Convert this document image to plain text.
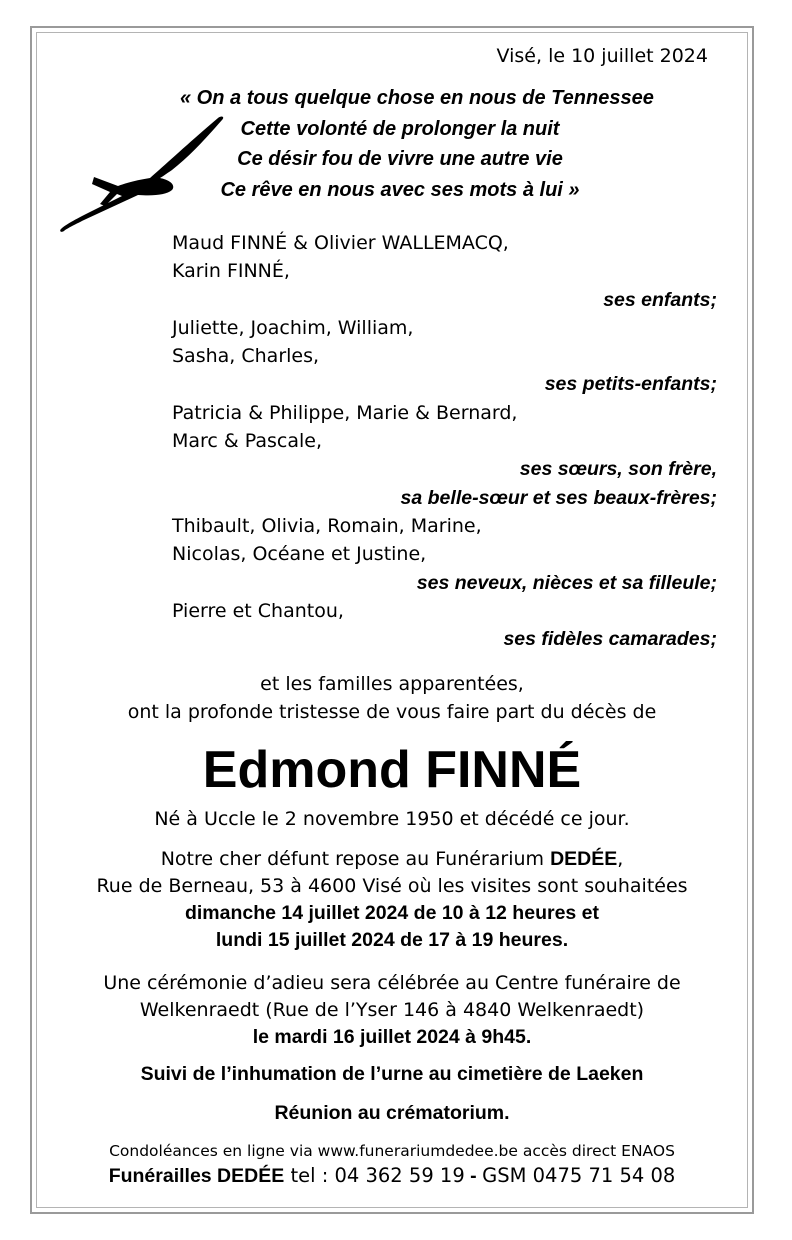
Visé, le 10 juillet 2024
« On a tous quelque chose en nous de Tennessee
Cette volonté de prolonger la nuit
Ce désir fou de vivre une autre vie
Ce rêve en nous avec ses mots à lui »
Maud FINNÉ & Olivier WALLEMACQ,
Karin FINNÉ,
ses enfants;
Juliette, Joachim, William,
Sasha, Charles,
ses petits-enfants;
Patricia & Philippe, Marie & Bernard,
Marc & Pascale,
ses sœurs, son frère,
sa belle-sœur et ses beaux-frères;
Thibault, Olivia, Romain, Marine,
Nicolas, Océane et Justine,
ses neveux, nièces et sa filleule;
Pierre et Chantou,
ses fidèles camarades;
et les familles apparentées,
ont la profonde tristesse de vous faire part du décès de
Edmond FINNÉ
Né à Uccle le 2 novembre 1950 et décédé ce jour.
Notre cher défunt repose au Funérarium DEDÉE,
Rue de Berneau, 53 à 4600 Visé où les visites sont souhaitées
dimanche 14 juillet 2024 de 10 à 12 heures et
lundi 15 juillet 2024 de 17 à 19 heures.
Une cérémonie d’adieu sera célébrée au Centre funéraire de
Welkenraedt (Rue de l’Yser 146 à 4840 Welkenraedt)
le mardi 16 juillet 2024 à 9h45.
Suivi de l’inhumation de l’urne au cimetière de Laeken
Réunion au crématorium.
Condoléances en ligne via www.funerariumdedee.be accès direct ENAOS
Funérailles DEDÉE tel : 04 362 59 19 - GSM 0475 71 54 08
